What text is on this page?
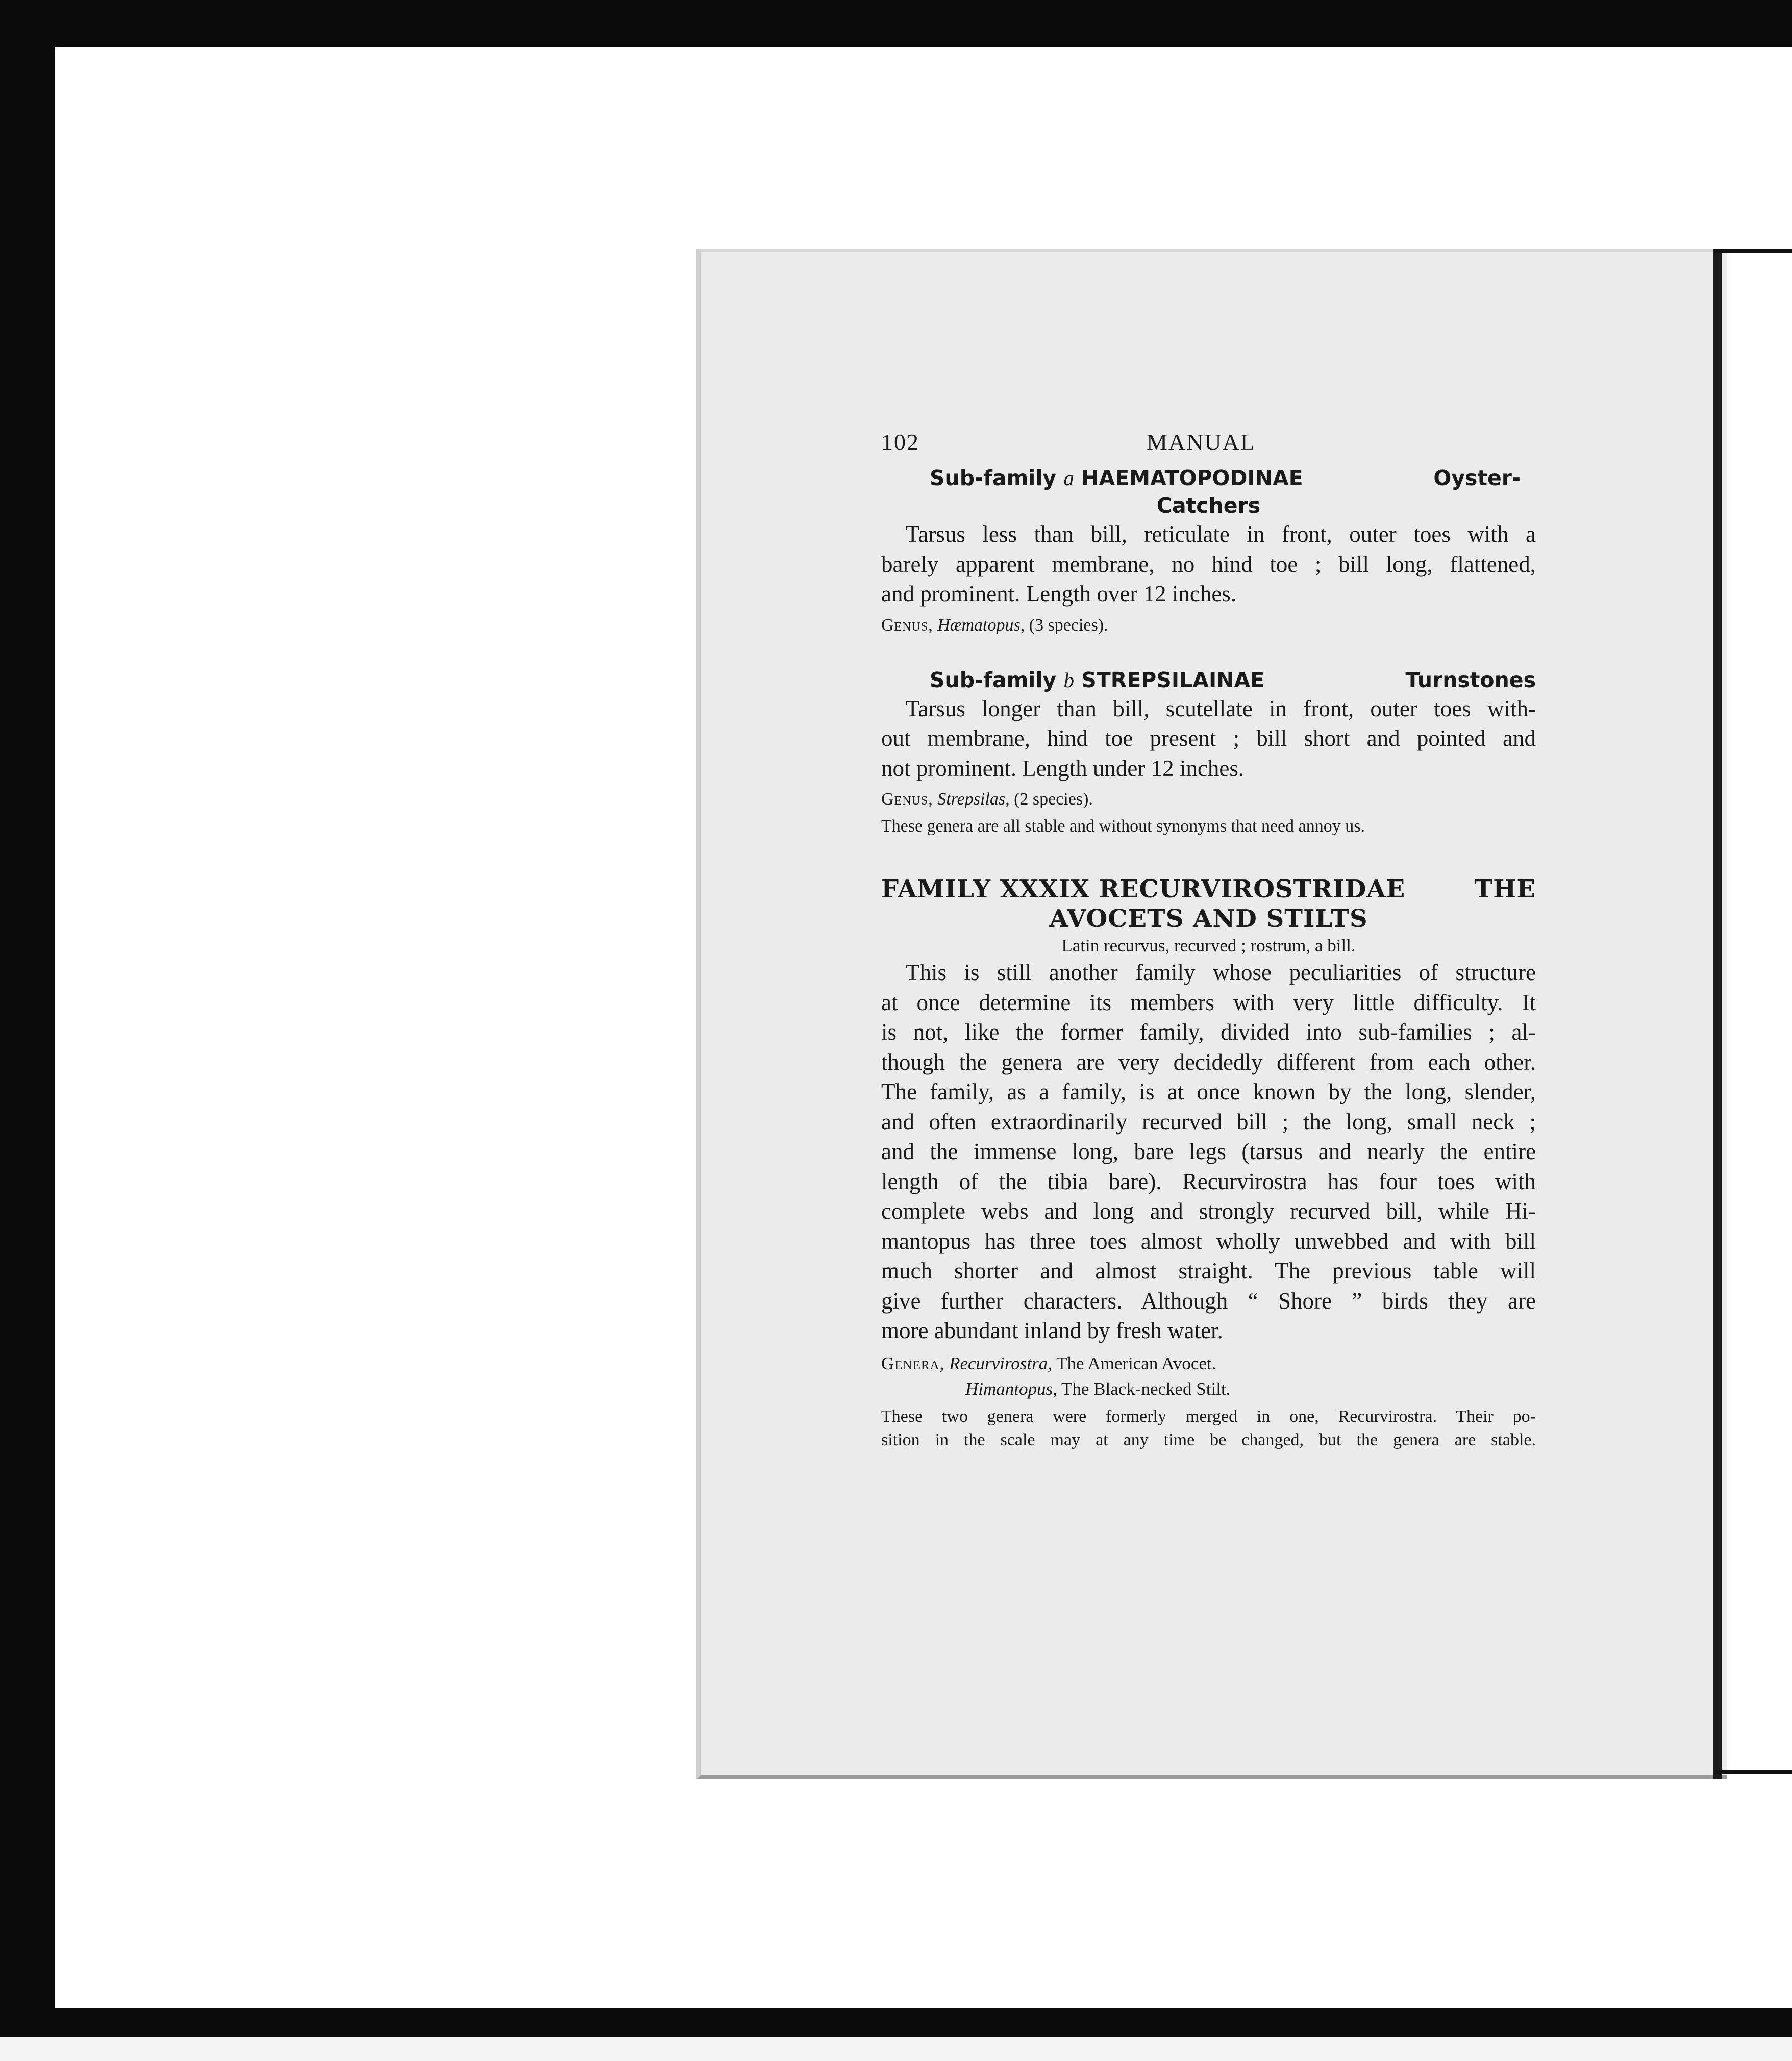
102	MANUAL
Sub-family a HAEMATOPODINAE	Oyster-
Catchers

Tarsus less than bill, reticulate in front, outer toes with a
barely apparent membrane, no hind toe ; bill long, flattened,
and prominent. Length over 12 inches.

Genus, Hæmatopus, (3 species).

Sub-family b STREPSILAINAE	Turnstones

Tarsus longer than bill, scutellate in front, outer toes with-
out membrane, hind toe present ; bill short and pointed and
not prominent. Length under 12 inches.

Genus, Strepsilas, (2 species).

These genera are all stable and without synonyms that need annoy us.

FAMILY XXXIX RECURVIROSTRIDAE	THE
AVOCETS AND STILTS
Latin recurvus, recurved ; rostrum, a bill.

This is still another family whose peculiarities of structure
at once determine its members with very little difficulty. It
is not, like the former family, divided into sub-families ; al-
though the genera are very decidedly different from each other.
The family, as a family, is at once known by the long, slender,
and often extraordinarily recurved bill ; the long, small neck ;
and the immense long, bare legs (tarsus and nearly the entire
length of the tibia bare). Recurvirostra has four toes with
complete webs and long and strongly recurved bill, while Hi-
mantopus has three toes almost wholly unwebbed and with bill
much shorter and almost straight. The previous table will
give further characters. Although “ Shore ” birds they are
more abundant inland by fresh water.

Genera, Recurvirostra, The American Avocet.
Himantopus, The Black-necked Stilt.

These two genera were formerly merged in one, Recurvirostra. Their po-
sition in the scale may at any time be changed, but the genera are stable.
